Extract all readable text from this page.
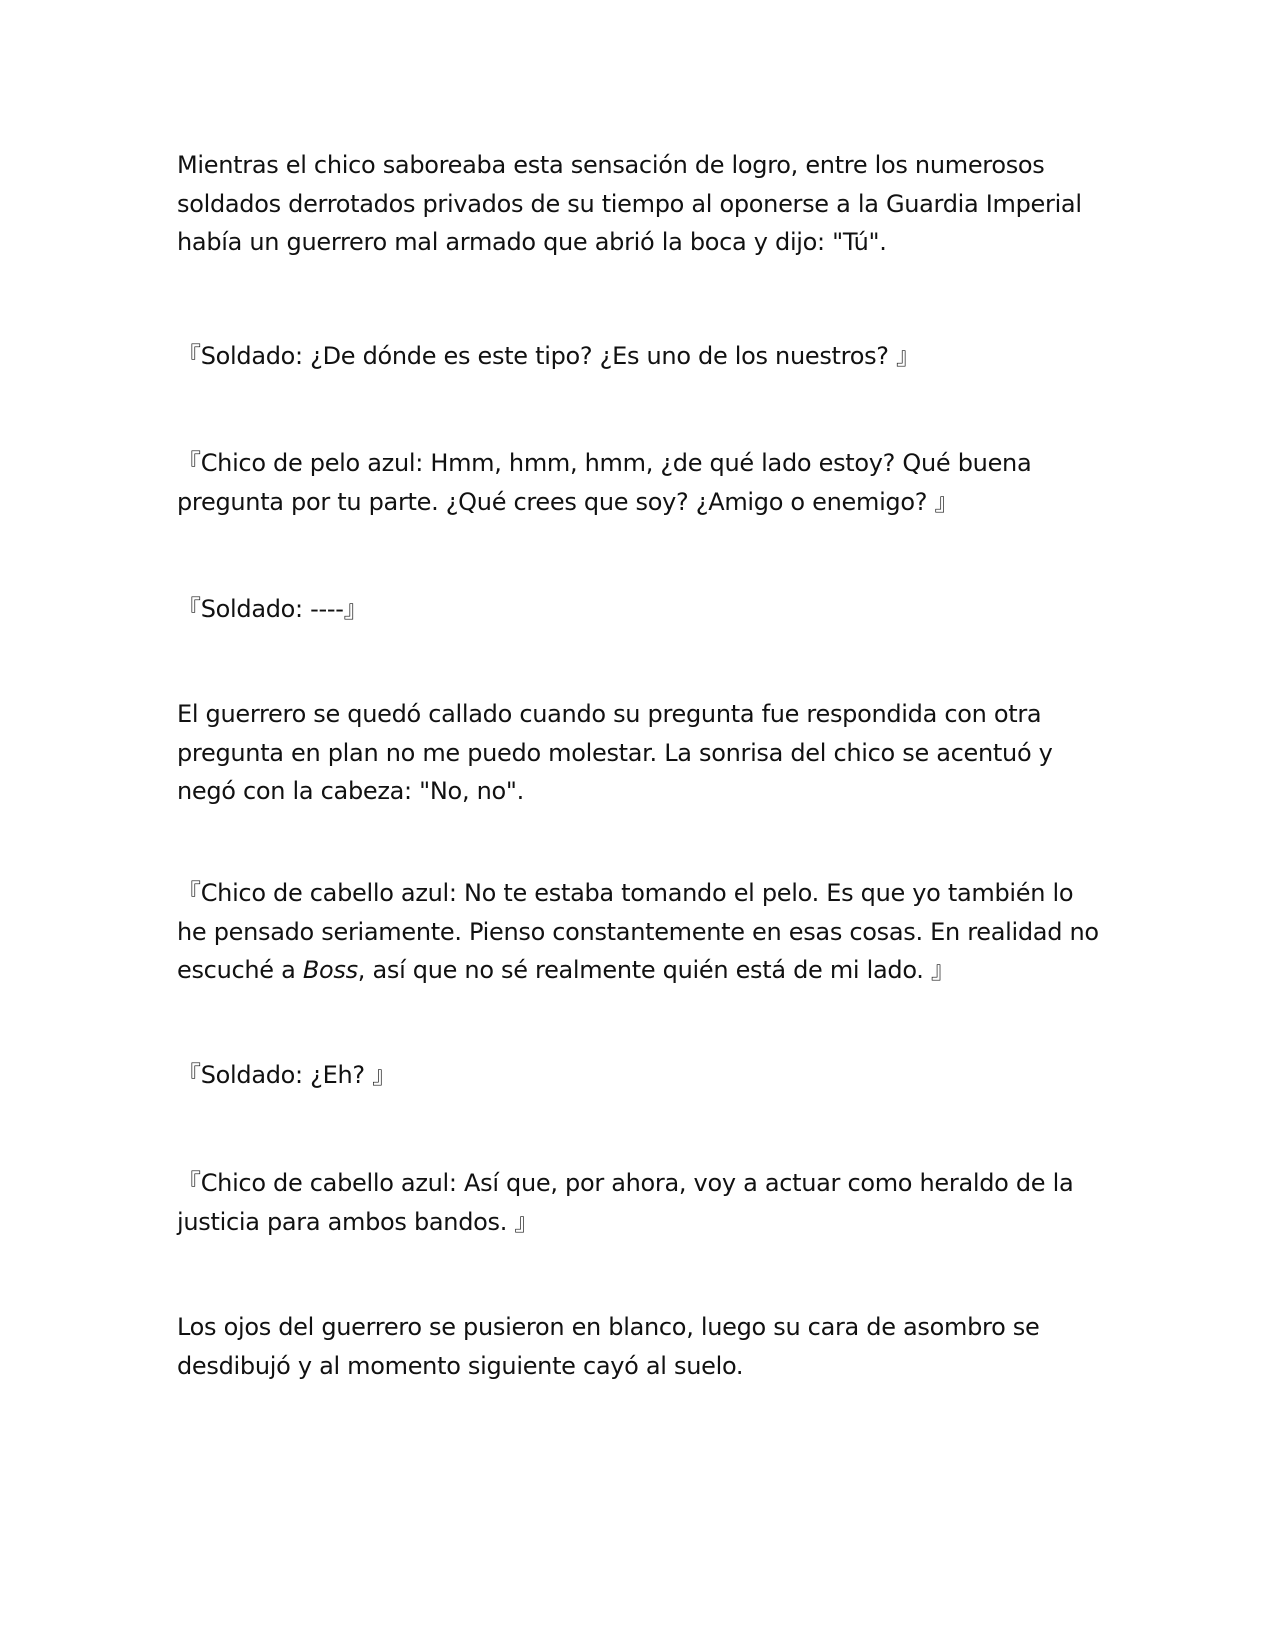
Mientras el chico saboreaba esta sensación de logro, entre los numerosos soldados derrotados privados de su tiempo al oponerse a la Guardia Imperial había un guerrero mal armado que abrió la boca y dijo: "Tú".

『Soldado: ¿De dónde es este tipo? ¿Es uno de los nuestros? 』

『Chico de pelo azul: Hmm, hmm, hmm, ¿de qué lado estoy? Qué buena pregunta por tu parte. ¿Qué crees que soy? ¿Amigo o enemigo? 』

『Soldado: ----』

El guerrero se quedó callado cuando su pregunta fue respondida con otra pregunta en plan no me puedo molestar. La sonrisa del chico se acentuó y negó con la cabeza: "No, no".

『Chico de cabello azul: No te estaba tomando el pelo. Es que yo también lo he pensado seriamente. Pienso constantemente en esas cosas. En realidad no escuché a Boss, así que no sé realmente quién está de mi lado. 』

『Soldado: ¿Eh? 』

『Chico de cabello azul: Así que, por ahora, voy a actuar como heraldo de la justicia para ambos bandos. 』

Los ojos del guerrero se pusieron en blanco, luego su cara de asombro se desdibujó y al momento siguiente cayó al suelo.
